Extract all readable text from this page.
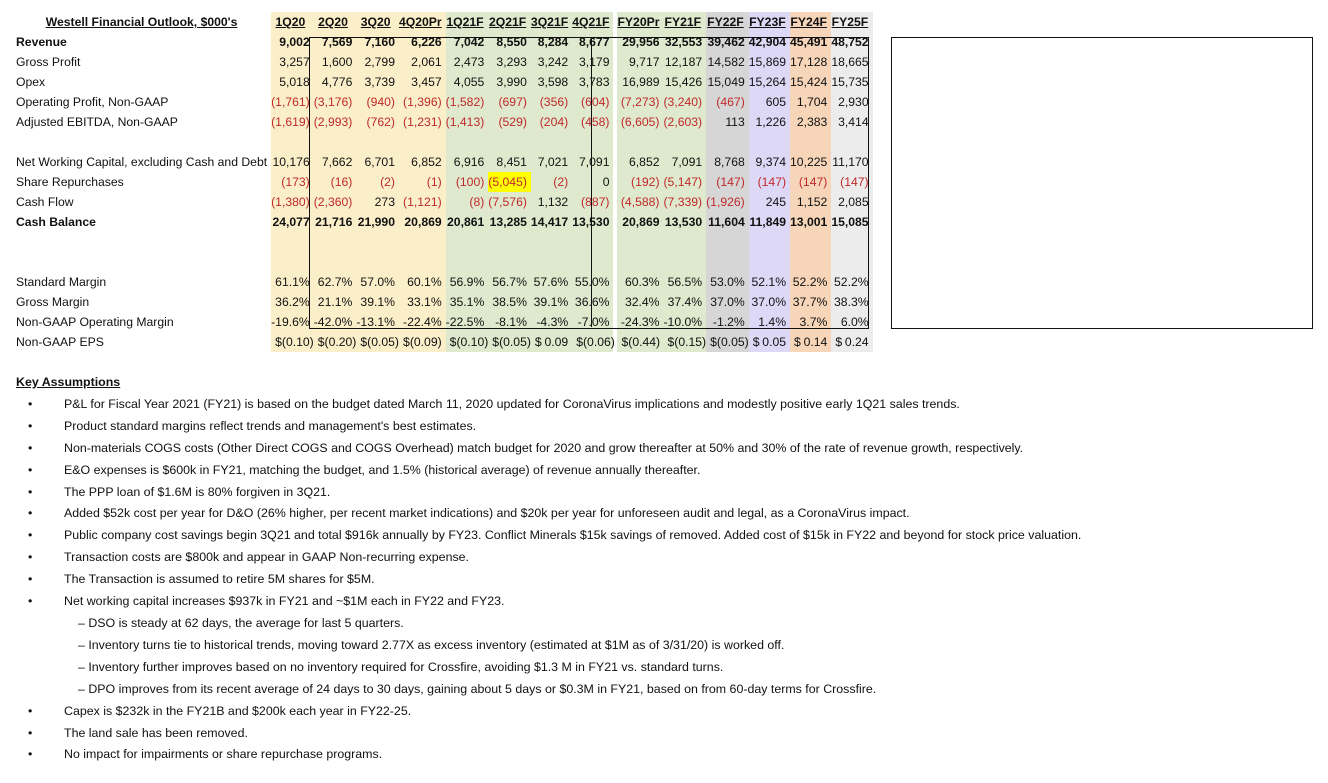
Westell Financial Outlook, $000's	1Q20	2Q20	3Q20	4Q20Pr	1Q21F	2Q21F	3Q21F	4Q21F		FY20Pr	FY21F	FY22F	FY23F	FY24F	FY25F
Revenue	9,002	7,569	7,160	6,226	7,042	8,550	8,284	8,677		29,956	32,553	39,462	42,904	45,491	48,752
Gross Profit	3,257	1,600	2,799	2,061	2,473	3,293	3,242	3,179		9,717	12,187	14,582	15,869	17,128	18,665
Opex	5,018	4,776	3,739	3,457	4,055	3,990	3,598	3,783		16,989	15,426	15,049	15,264	15,424	15,735
Operating Profit, Non-GAAP	(1,761)	(3,176)	(940)	(1,396)	(1,582)	(697)	(356)	(604)		(7,273)	(3,240)	(467)	605	1,704	2,930
Adjusted EBITDA, Non-GAAP	(1,619)	(2,993)	(762)	(1,231)	(1,413)	(529)	(204)	(458)		(6,605)	(2,603)	113	1,226	2,383	3,414

Net Working Capital, excluding Cash and Debt	10,176	7,662	6,701	6,852	6,916	8,451	7,021	7,091		6,852	7,091	8,768	9,374	10,225	11,170
Share Repurchases	(173)	(16)	(2)	(1)	(100)	(5,045)	(2)	0		(192)	(5,147)	(147)	(147)	(147)	(147)
Cash Flow	(1,380)	(2,360)	273	(1,121)	(8)	(7,576)	1,132	(887)		(4,588)	(7,339)	(1,926)	245	1,152	2,085
Cash Balance	24,077	21,716	21,990	20,869	20,861	13,285	14,417	13,530		20,869	13,530	11,604	11,849	13,001	15,085

Standard Margin	61.1%	62.7%	57.0%	60.1%	56.9%	56.7%	57.6%	55.0%		60.3%	56.5%	53.0%	52.1%	52.2%	52.2%
Gross Margin	36.2%	21.1%	39.1%	33.1%	35.1%	38.5%	39.1%	36.6%		32.4%	37.4%	37.0%	37.0%	37.7%	38.3%
Non-GAAP Operating Margin	-19.6%	-42.0%	-13.1%	-22.4%	-22.5%	-8.1%	-4.3%	-7.0%		-24.3%	-10.0%	-1.2%	1.4%	3.7%	6.0%
Non-GAAP EPS	$ (0.10)	$ (0.20)	$ (0.05)	$ (0.09)	$ (0.10)	$ (0.05)	$ 0.09	$ (0.06)		$ (0.44)	$ (0.15)	$ (0.05)	$ 0.05	$ 0.14	$ 0.24
Key Assumptions
•	P&L for Fiscal Year 2021 (FY21) is based on the budget dated March 11, 2020 updated for CoronaVirus implications and modestly positive early 1Q21 sales trends.
•	Product standard margins reflect trends and management's best estimates.
•	Non-materials COGS costs (Other Direct COGS and COGS Overhead) match budget for 2020 and grow thereafter at 50% and 30% of the rate of revenue growth, respectively.
•	E&O expenses is $600k in FY21, matching the budget, and 1.5% (historical average) of revenue annually thereafter.
•	The PPP loan of $1.6M is 80% forgiven in 3Q21.
•	Added $52k cost per year for D&O (26% higher, per recent market indications) and $20k per year for unforeseen audit and legal, as a CoronaVirus impact.
•	Public company cost savings begin 3Q21 and total $916k annually by FY23. Conflict Minerals $15k savings of removed. Added cost of $15k in FY22 and beyond for stock price valuation.
•	Transaction costs are $800k and appear in GAAP Non-recurring expense.
•	The Transaction is assumed to retire 5M shares for $5M.
•	Net working capital increases $937k in FY21 and ~$1M each in FY22 and FY23.
– DSO is steady at 62 days, the average for last 5 quarters.
– Inventory turns tie to historical trends, moving toward 2.77X as excess inventory (estimated at $1M as of 3/31/20) is worked off.
– Inventory further improves based on no inventory required for Crossfire, avoiding $1.3 M in FY21 vs. standard turns.
– DPO improves from its recent average of 24 days to 30 days, gaining about 5 days or $0.3M in FY21, based on from 60-day terms for Crossfire.
•	Capex is $232k in the FY21B and $200k each year in FY22-25.
•	The land sale has been removed.
•	No impact for impairments or share repurchase programs.
